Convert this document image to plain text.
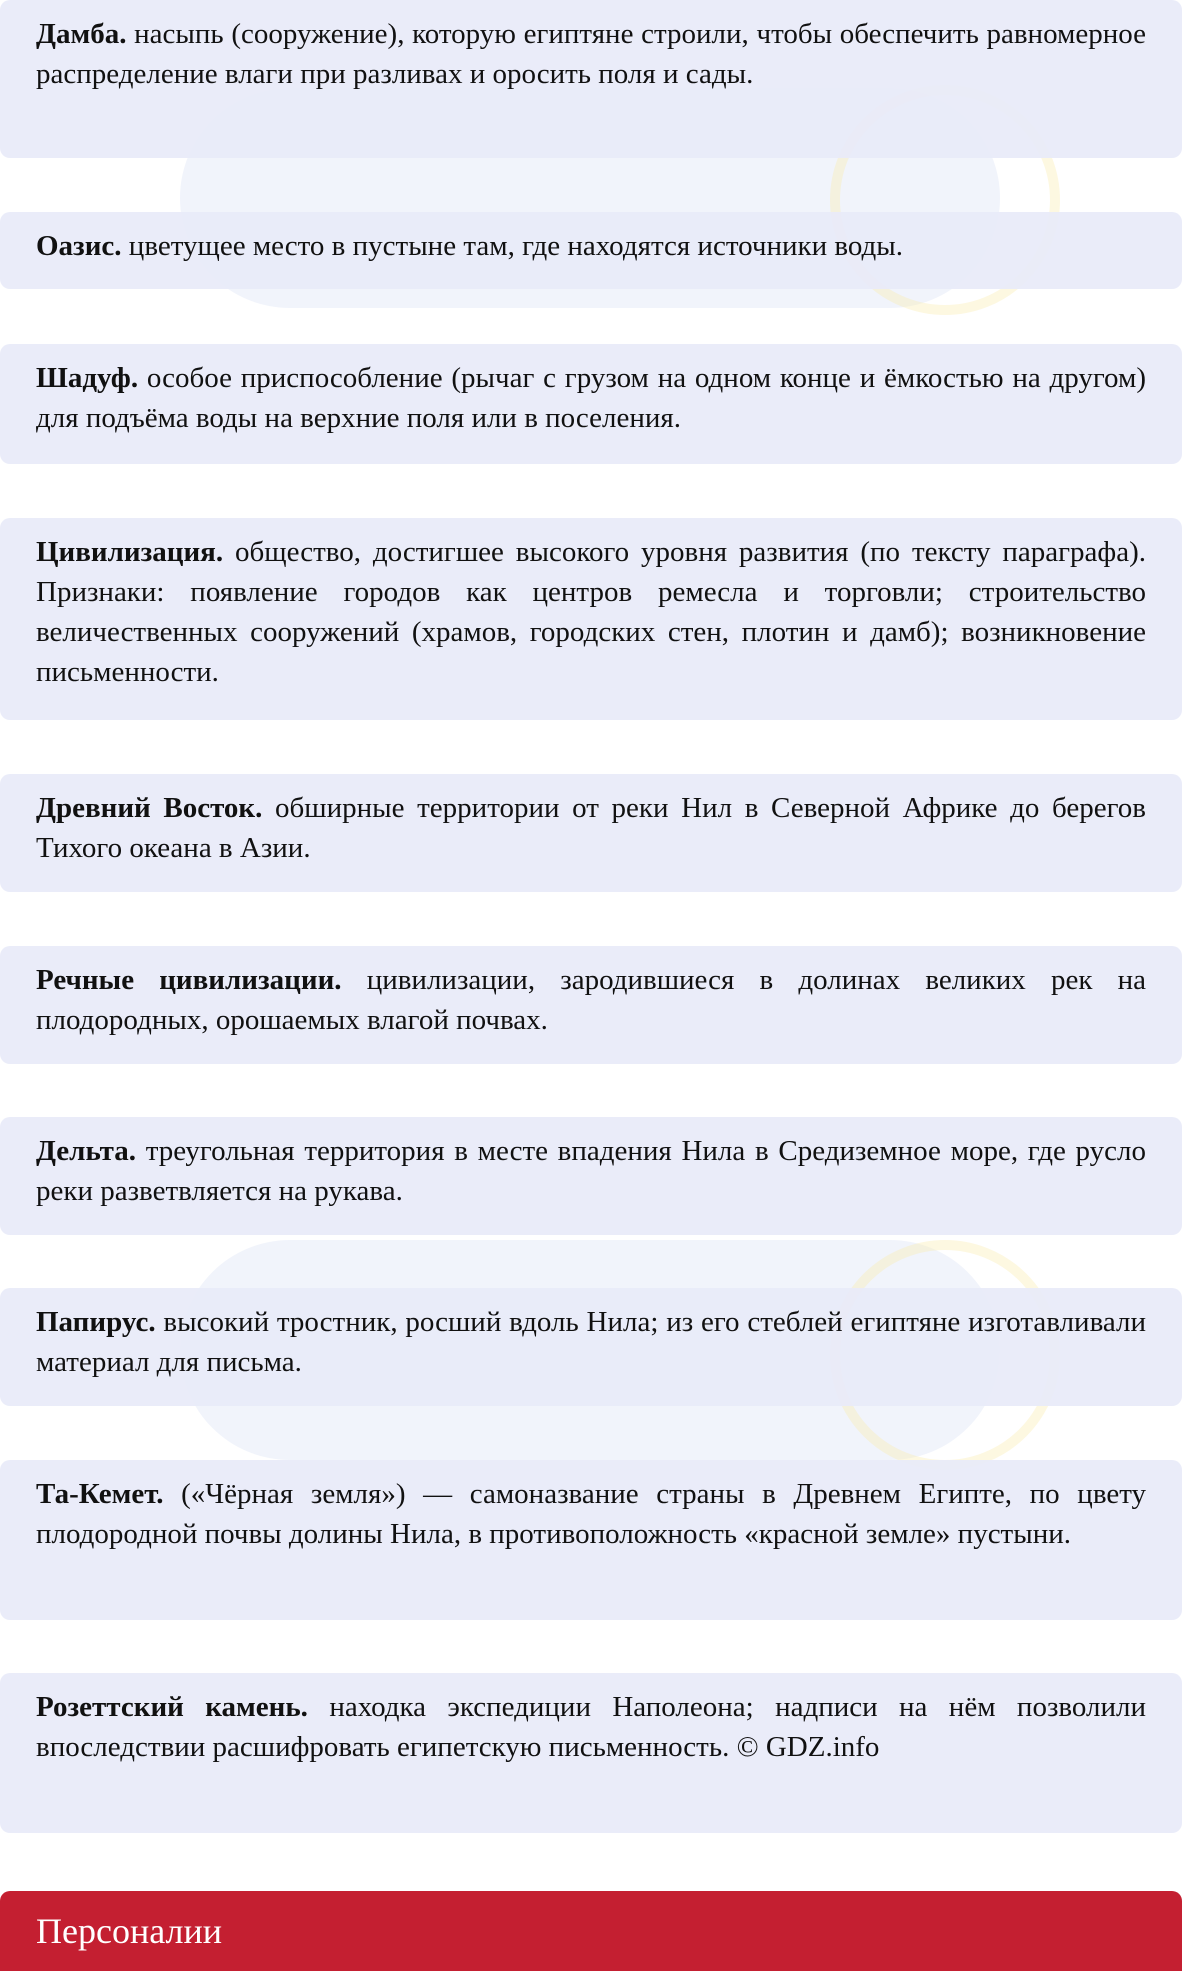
Дамба. насыпь (сооружение), которую египтяне строили, чтобы обеспечить равномерное распределение влаги при разливах и оросить поля и сады.
Оазис. цветущее место в пустыне там, где находятся источники воды.
Шадуф. особое приспособление (рычаг с грузом на одном конце и ёмкостью на другом) для подъёма воды на верхние поля или в поселения.
Цивилизация. общество, достигшее высокого уровня развития (по тексту параграфа). Признаки: появление городов как центров ремесла и торговли; строительство величественных сооружений (храмов, городских стен, плотин и дамб); возникновение письменности.
Древний Восток. обширные территории от реки Нил в Северной Африке до берегов Тихого океана в Азии.
Речные цивилизации. цивилизации, зародившиеся в долинах великих рек на плодородных, орошаемых влагой почвах.
Дельта. треугольная территория в месте впадения Нила в Средиземное море, где русло реки разветвляется на рукава.
Папирус. высокий тростник, росший вдоль Нила; из его стеблей египтяне изготавливали материал для письма.
Та-Кемет. («Чёрная земля») — самоназвание страны в Древнем Египте, по цвету плодородной почвы долины Нила, в противоположность «красной земле» пустыни.
Розеттский камень. находка экспедиции Наполеона; надписи на нём позволили впоследствии расшифровать египетскую письменность. © GDZ.info
Персоналии
